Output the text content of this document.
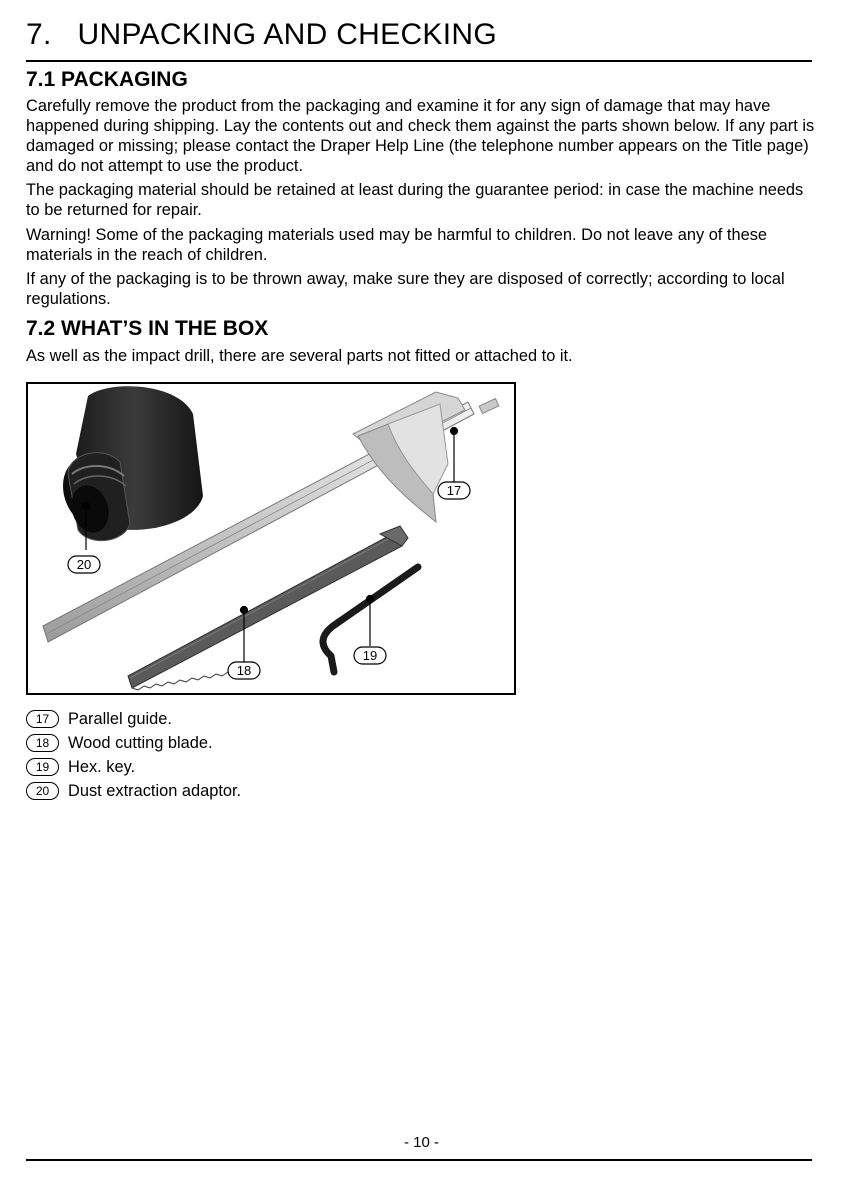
7.   UNPACKING AND CHECKING
7.1 PACKAGING

Carefully remove the product from the packaging and examine it for any sign of damage that may have happened during shipping. Lay the contents out and check them against the parts shown below. If any part is damaged or missing; please contact the Draper Help Line (the telephone number appears on the Title page) and do not attempt to use the product.

The packaging material should be retained at least during the guarantee period: in case the machine needs to be returned for repair.

Warning! Some of the packaging materials used may be harmful to children. Do not leave any of these materials in the reach of children.

If any of the packaging is to be thrown away, make sure they are disposed of correctly; according to local regulations.

7.2 WHAT’S IN THE BOX

As well as the impact drill, there are several parts not fitted or attached to it.

17
20
18
19
17	Parallel guide.
18	Wood cutting blade.
19	Hex. key.
20	Dust extraction adaptor.
- 10 -
